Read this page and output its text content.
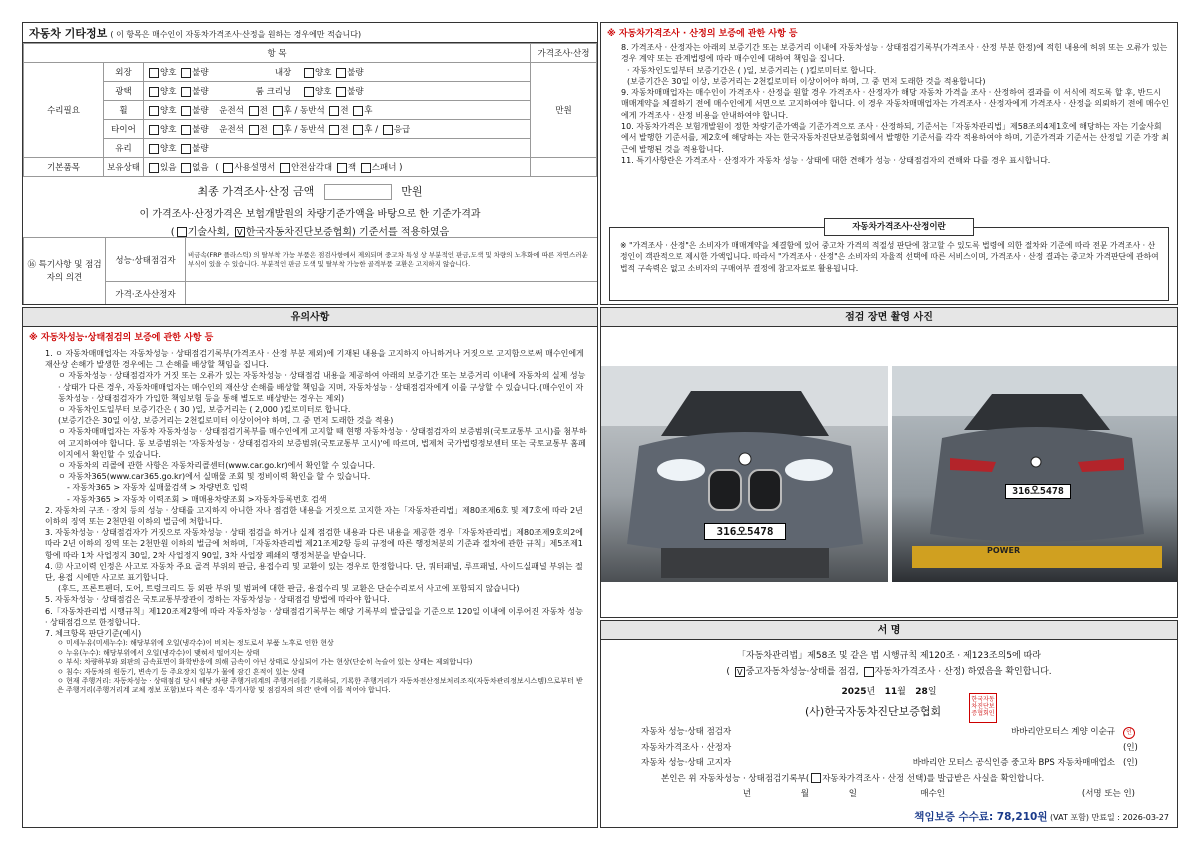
자동차 기타정보 ( 이 항목은 매수인이 자동차가격조사·산정을 원하는 경우에만 적습니다)
항 목			가격조사·산정
수리필요	외장	양호 불량 내장 양호 불량	만원
	광택	양호 불량 룸 크리닝 양호 불량	
	휠	양호 불량 운전석 전 후 / 동반석 전 후	
	타이어	양호 불량 운전석 전 후 / 동반석 전 후 / 응급	
	유리	양호 불량	
기본품목	보유상태	있음 없음 ( 사용설명서 안전삼각대 잭 스패너 )	
최종 가격조사·산정 금액	만원
이 가격조사·산정가격은 보험개발원의 차량기준가액을 바탕으로 한 기준가격과
( 기술사회, V 한국자동차진단보증협회) 기준서를 적용하였음
⑯ 특기사항 및 점검자의 의견	성능·상태점검자	비금속(FRP 플라스틱) 의 탈부착 가능 부품은 점검사항에서 제외되며 중고차 특성 상 부분적인 판금,도색 및 차량의 노후화에 따른 자연스러운 부식이 있을 수 있습니다. 부분적인 판금 도색 및 탈부착 가능한 골격부품 교환은 고지하지 않습니다.
	가격·조사산정자	
※ 자동차가격조사 · 산정의 보증에 관한 사항 등

8. 가격조사 · 산정자는 아래의 보증기간 또는 보증거리 이내에 자동차성능 · 상태점검기록부(가격조사 · 산정 부분 한정)에 적힌 내용에 허위 또는 오류가 있는 경우 계약 또는 관계법령에 따라 매수인에 대하여 책임을 집니다.

· 자동차인도일부터 보증기간은 ( )일, 보증거리는 ( )킬로미터로 합니다.

(보증기간은 30일 이상, 보증거리는 2천킬로미터 이상이어야 하며, 그 중 먼저 도래한 것을 적용합니다)

9. 자동차매매업자는 매수인이 가격조사 · 산정을 원할 경우 가격조사 · 산정자가 해당 자동차 가격을 조사 · 산정하여 결과를 이 서식에 적도록 할 후, 반드시 매매계약을 체결하기 전에 매수인에게 서면으로 고지하여야 합니다. 이 경우 자동차매매업자는 가격조사 · 산정자에게 가격조사 · 산정을 의뢰하기 전에 매수인에게 가격조사 · 산정 비용을 안내하여야 합니다.

10. 자동차가격은 보험개발원이 정한 차량기준가액을 기준가격으로 조사 · 산정하되, 기준서는「자동차관리법」제58조의4제1호에 해당하는 자는 기술사회에서 발행한 기준서를, 제2호에 해당하는 자는 한국자동차진단보증협회에서 발행한 기준서를 각각 적용하여야 하며, 기준가격과 기준서는 산정일 기준 가장 최근에 발행된 것을 적용합니다.

11. 특기사항란은 가격조사 · 산정자가 자동차 성능 · 상태에 대한 견해가 성능 · 상태점검자의 견해와 다를 경우 표시합니다.

자동차가격조사·산정이란
※ "가격조사 · 산정"은 소비자가 매매계약을 체결함에 있어 중고차 가격의 적절성 판단에 참고할 수 있도록 법령에 의한 절차와 기준에 따라 전문 가격조사 · 산정인이 객관적으로 제시한 가액입니다. 따라서 "가격조사 · 산정"은 소비자의 자율적 선택에 따른 서비스이며, 가격조사 · 산정 결과는 중고차 가격판단에 관하여 법적 구속력은 없고 소비자의 구매여부 결정에 참고자료로 활용됩니다.
유의사항
※ 자동차성능·상태점검의 보증에 관한 사항 등

1. ㅇ 자동차매매업자는 자동차성능 · 상태점검기록부(가격조사 · 산정 부분 제외)에 기재된 내용을 고지하지 아니하거나 거짓으로 고지함으로써 매수인에게 재산상 손해가 발생한 경우에는 그 손해를 배상할 책임을 집니다.

ㅇ 자동차성능 · 상태점검자가 거짓 또는 오류가 있는 자동차성능 · 상태점검 내용을 제공하여 아래의 보증기간 또는 보증거리 이내에 자동차의 실제 성능 · 상태가 다른 경우, 자동차매매업자는 매수인의 재산상 손해를 배상할 책임을 지며, 자동차성능 · 상태점검자에게 이를 구상할 수 있습니다.(매수인이 자동차성능 · 상태점검자가 가입한 책임보험 등을 통해 별도로 배상받는 경우는 제외)

ㅇ 자동차인도일부터 보증기간은 ( 30 )일, 보증거리는 ( 2,000 )킬로미터로 합니다.

(보증기간은 30일 이상, 보증거리는 2천킬로미터 이상이어야 하며, 그 중 먼저 도래한 것을 적용)

ㅇ 자동차매매업자는 자동차 자동차성능 · 상태점검기록부를 매수인에게 고지할 때 현행 자동차성능 · 상태점검자의 보증범위(국토교통부 고시)를 첨부하여 고지하여야 합니다. 동 보증범위는 '자동차성능 · 상태점검자의 보증범위(국토교통부 고시)'에 따르며, 법제처 국가법령정보센터 또는 국토교통부 홈페이지에서 확인할 수 있습니다.

ㅇ 자동차의 리콜에 관한 사항은 자동차리콜센터(www.car.go.kr)에서 확인할 수 있습니다.

ㅇ 자동차365(www.car365.go.kr)에서 실매물 조회 및 정비이력 확인을 할 수 있습니다.

- 자동차365 > 자동차 실매물검색 > 차량번호 입력

- 자동차365 > 자동차 이력조회 > 매매용차량조회 >자동차등록번호 검색

2. 자동차의 구조 · 장치 등의 성능 · 상태를 고지하지 아니한 자나 점검한 내용을 거짓으로 고지한 자는「자동차관리법」제80조제6호 및 제7호에 따라 2년 이하의 징역 또는 2천만원 이하의 벌금에 처합니다.

3. 자동차성능 · 상태점검자가 거짓으로 자동차성능 · 상태 점검을 하거나 실제 점검한 내용과 다른 내용을 제공한 경우「자동차관리법」제80조제9호의2에 따라 2년 이하의 징역 또는 2천만원 이하의 벌금에 처하며,「자동차관리법 제21조제2항 등의 규정에 따른 행정처분의 기준과 절차에 관한 규칙」제5조제1항에 따라 1차 사업정지 30일, 2차 사업정지 90일, 3차 사업장 폐쇄의 행정처분을 받습니다.

4. ⑫ 사고이력 인정은 사고로 자동차 주요 골격 부위의 판금, 용접수리 및 교환이 있는 경우로 한정합니다. 단, 쿼터패널, 루프패널, 사이드실패널 부위는 절단, 용접 시에만 사고로 표기합니다.

(후드, 프론트펜더, 도어, 트렁크리드 등 외판 부위 및 범퍼에 대한 판금, 용접수리 및 교환은 단순수리로서 사고에 포함되지 않습니다)

5. 자동차성능 · 상태점검은 국토교통부장관이 정하는 자동차성능 · 상태점검 방법에 따라야 합니다.

6.「자동차관리법 시행규칙」제120조제2항에 따라 자동차성능 · 상태점검기록부는 해당 기록부의 발급일을 기준으로 120일 이내에 이루어진 자동차 성능 · 상태점검으로 한정합니다.

7. 체크항목 판단기준(예시)

ㅇ 미세누유(미세누수): 해당부위에 오일(냉각수)이 비치는 정도로서 부품 노후로 인한 현상

ㅇ 누유(누수): 해당부위에서 오일(냉각수)이 맺혀서 떨어지는 상태

ㅇ 부식: 차량하부와 외판의 금속표면이 화학반응에 의해 금속이 아닌 상태로 상실되어 가는 현상(단순히 녹슬어 있는 상태는 제외합니다)

ㅇ 침수: 자동차의 원동기, 변속기 등 주요장치 일부가 물에 잠긴 흔적이 있는 상태

ㅇ 현재 주행거리: 자동차성능 · 상태점검 당시 해당 차량 주행거리계의 주행거리를 기록하되, 기록한 주행거리가 자동차전산정보처리조직(자동차관리정보시스템)으로부터 받은 주행거리(주행거리계 교체 정보 포함)보다 적은 경우 '특기사항 및 점검자의 의견' 란에 이를 적어야 합니다.

점검 장면 촬영 사진
316오5478
316오5478
POWER
서 명
「자동차관리법」제58조 및 같은 법 시행규칙 제120조 · 제123조의5에 따라
( V 중고자동차성능·상태를 점검, 자동차가격조사 · 산정) 하였음을 확인합니다.
2025년 11월 28일
(사)한국자동차진단보증협회
한국자동차진단보증협회인
자동차 성능·상태 점검자	바바리안모터스 계양 이순규 인
자동차가격조사 · 산정자	(인)
자동차 성능·상태 고지자	바바리안 모터스 공식인증 중고차 BPS 자동차매매업소 (인)
본인은 위 자동차성능 · 상태점검기록부( 자동차가격조사 · 산정 선택)를 발급받은 사실을 확인합니다.
년	월	일	매수인	(서명 또는 인)
책임보증 수수료: 78,210원 (VAT 포함) 만료일 : 2026-03-27
